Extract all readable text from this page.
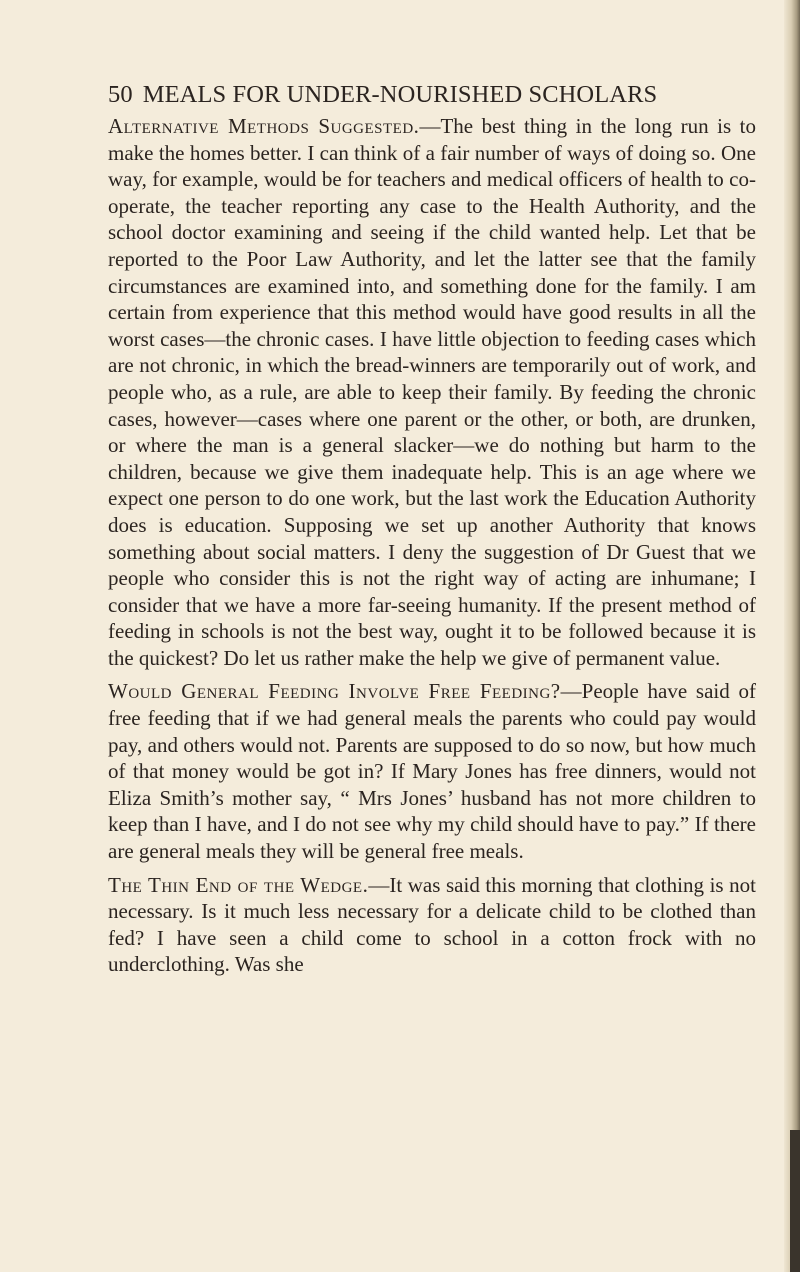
50 MEALS FOR UNDER-NOURISHED SCHOLARS

Alternative Methods Suggested.—The best thing in the long run is to make the homes better. I can think of a fair number of ways of doing so. One way, for example, would be for teachers and medical officers of health to co-operate, the teacher reporting any case to the Health Authority, and the school doctor examining and seeing if the child wanted help. Let that be reported to the Poor Law Authority, and let the latter see that the family circumstances are examined into, and something done for the family. I am certain from experience that this method would have good results in all the worst cases—the chronic cases. I have little objection to feeding cases which are not chronic, in which the bread-winners are temporarily out of work, and people who, as a rule, are able to keep their family. By feeding the chronic cases, however—cases where one parent or the other, or both, are drunken, or where the man is a general slacker—we do nothing but harm to the children, because we give them inadequate help. This is an age where we expect one person to do one work, but the last work the Education Authority does is education. Supposing we set up another Authority that knows something about social matters. I deny the suggestion of Dr Guest that we people who consider this is not the right way of acting are inhumane; I consider that we have a more far-seeing humanity. If the present method of feeding in schools is not the best way, ought it to be followed because it is the quickest? Do let us rather make the help we give of permanent value.

Would General Feeding Involve Free Feeding?—People have said of free feeding that if we had general meals the parents who could pay would pay, and others would not. Parents are supposed to do so now, but how much of that money would be got in? If Mary Jones has free dinners, would not Eliza Smith’s mother say, “ Mrs Jones’ husband has not more children to keep than I have, and I do not see why my child should have to pay.” If there are general meals they will be general free meals.

The Thin End of the Wedge.—It was said this morning that clothing is not necessary. Is it much less necessary for a delicate child to be clothed than fed? I have seen a child come to school in a cotton frock with no underclothing. Was she
